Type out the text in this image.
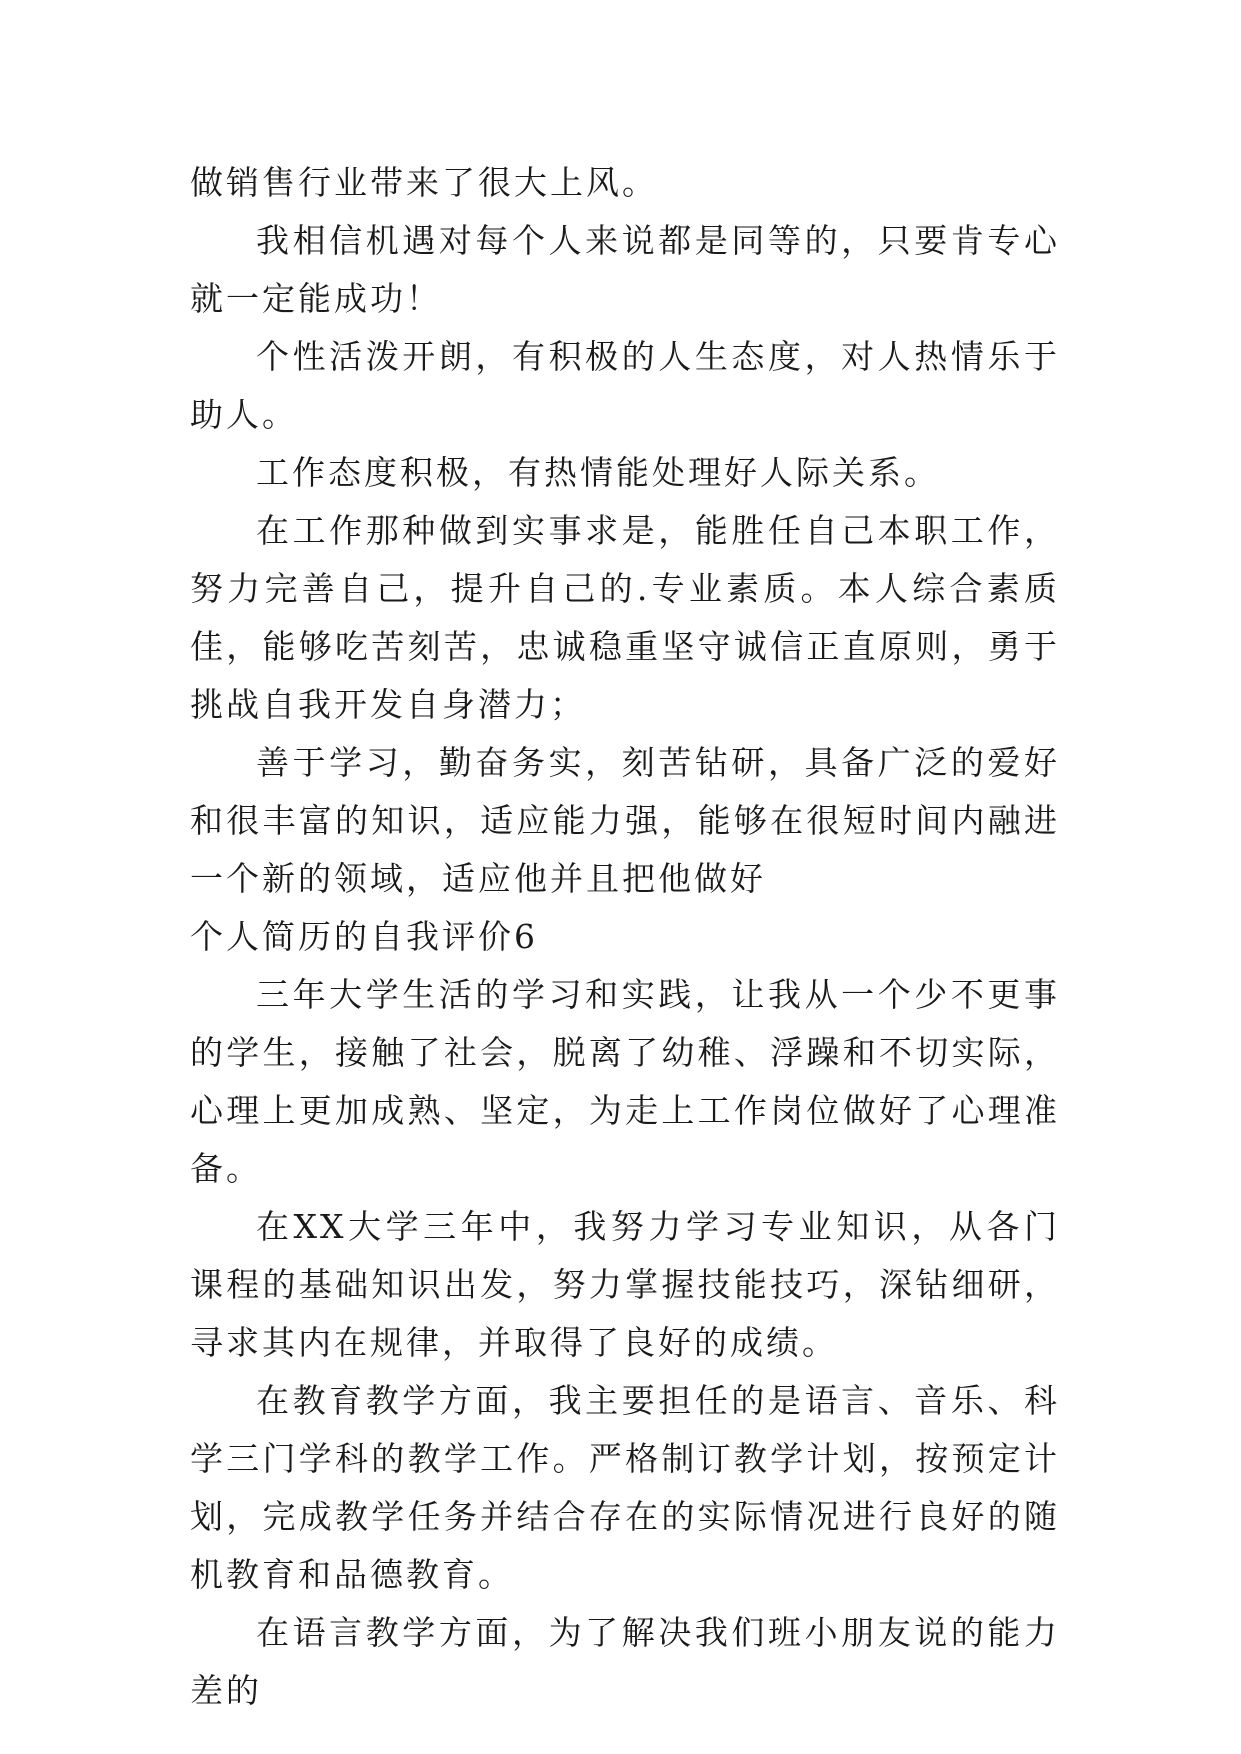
做销售行业带来了很大上风。

我相信机遇对每个人来说都是同等的，只要肯专心就一定能成功！

个性活泼开朗，有积极的人生态度，对人热情乐于助人。

工作态度积极，有热情能处理好人际关系。

在工作那种做到实事求是，能胜任自己本职工作，努力完善自己，提升自己的.专业素质。本人综合素质佳，能够吃苦刻苦，忠诚稳重坚守诚信正直原则，勇于挑战自我开发自身潜力；

善于学习，勤奋务实，刻苦钻研，具备广泛的爱好和很丰富的知识，适应能力强，能够在很短时间内融进一个新的领域，适应他并且把他做好

个人简历的自我评价6

三年大学生活的学习和实践，让我从一个少不更事的学生，接触了社会，脱离了幼稚、浮躁和不切实际，心理上更加成熟、坚定，为走上工作岗位做好了心理准备。

在XX大学三年中，我努力学习专业知识，从各门课程的基础知识出发，努力掌握技能技巧，深钻细研，寻求其内在规律，并取得了良好的成绩。

在教育教学方面，我主要担任的是语言、音乐、科学三门学科的教学工作。严格制订教学计划，按预定计划，完成教学任务并结合存在的实际情况进行良好的随机教育和品德教育。

在语言教学方面，为了解决我们班小朋友说的能力差的
